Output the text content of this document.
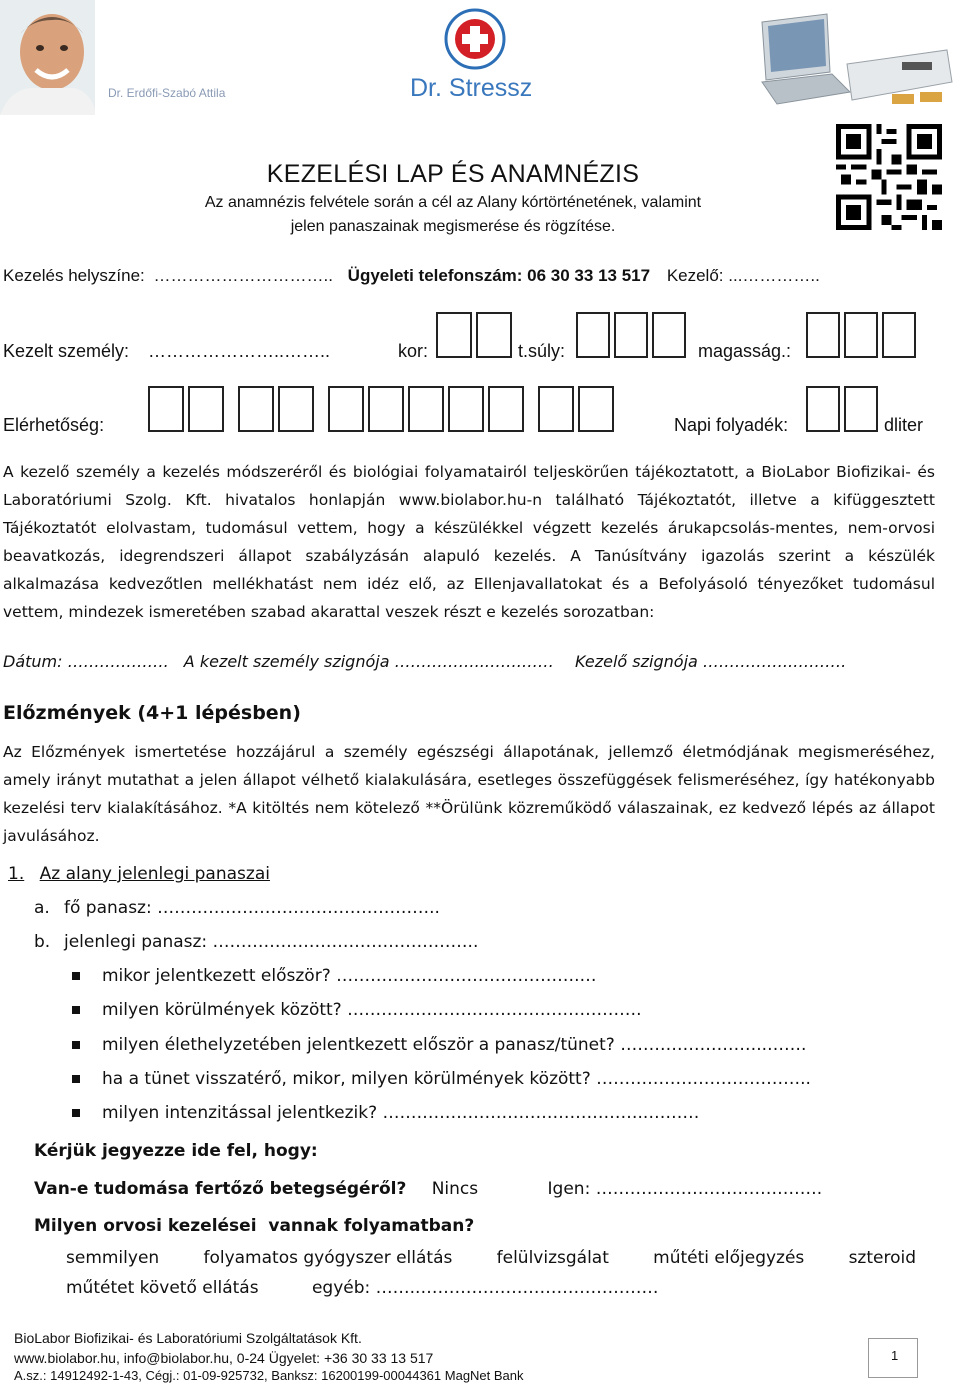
Dr. Erdőfi-Szabó Attila	Dr. Stressz
KEZELÉSI LAP ÉS ANAMNÉZIS
Az anamnézis felvétele során a cél az Alany kórtörténetének, valamint
jelen panaszainak megismerése és rögzítése.
Kezelés helyszíne: ………………………….. Ügyeleti telefonszám: 06 30 33 13 517 Kezelő: ...…………..
Kezelt személy: …………………..……..	kor:	t.súly:	magasság.:
Elérhetőség:	Napi folyadék:	dliter
A kezelő személy a kezelés módszeréről és biológiai folyamatairól teljeskörűen tájékoztatott, a BioLabor Biofizikai- és Laboratóriumi Szolg. Kft. hivatalos honlapján www.biolabor.hu-n található Tájékoztatót, illetve a kifüggesztett Tájékoztatót elolvastam, tudomásul vettem, hogy a készülékkel végzett kezelés árukapcsolás-mentes, nem-orvosi beavatkozás, idegrendszeri állapot szabályzásán alapuló kezelés. A Tanúsítvány igazolás szerint a készülék alkalmazása kedvezőtlen mellékhatást nem idéz elő, az Ellenjavallatokat és a Befolyásoló tényezőket tudomásul vettem, mindezek ismeretében szabad akarattal veszek részt e kezelés sorozatban:
Dátum: ………………. A kezelt személy szignója ……………..…….…… Kezelő szignója ……………..……….
Előzmények (4+1 lépésben)
Az Előzmények ismertetése hozzájárul a személy egészségi állapotának, jellemző életmódjának megismeréséhez, amely irányt mutathat a jelen állapot vélhető kialakulására, esetleges összefüggések felismeréséhez, így hatékonyabb kezelési terv kialakításához. *A kitöltés nem kötelező **Örülünk közreműködő válaszainak, ez kedvező lépés az állapot javulásához.
1. Az alany jelenlegi panaszai
a. fő panasz: …………………………………………..
b. jelenlegi panasz: ………………………………………..
mikor jelentkezett először? …………………………………….…
milyen körülmények között? …………………………………………….
milyen élethelyzetében jelentkezett először a panasz/tünet? ……………………..…….
ha a tünet visszatérő, mikor, milyen körülmények között? ………………………………..
milyen intenzitással jelentkezik? ………………………………………..………
Kérjük jegyezze ide fel, hogy:
Van-e tudomása fertőző betegségéről? Nincs	Igen: ………………………………….
Milyen orvosi kezelései  vannak folyamatban?
semmilyen	folyamatos gyógyszer ellátás	felülvizsgálat	műtéti előjegyzés	szteroid
műtétet követő ellátás	egyéb: ……..……………………………………
BioLabor Biofizikai- és Laboratóriumi Szolgáltatások Kft.
www.biolabor.hu, info@biolabor.hu, 0-24 Ügyelet: +36 30 33 13 517
A.sz.: 14912492-1-43, Cégj.: 01-09-925732, Banksz: 16200199-00044361 MagNet Bank
1
